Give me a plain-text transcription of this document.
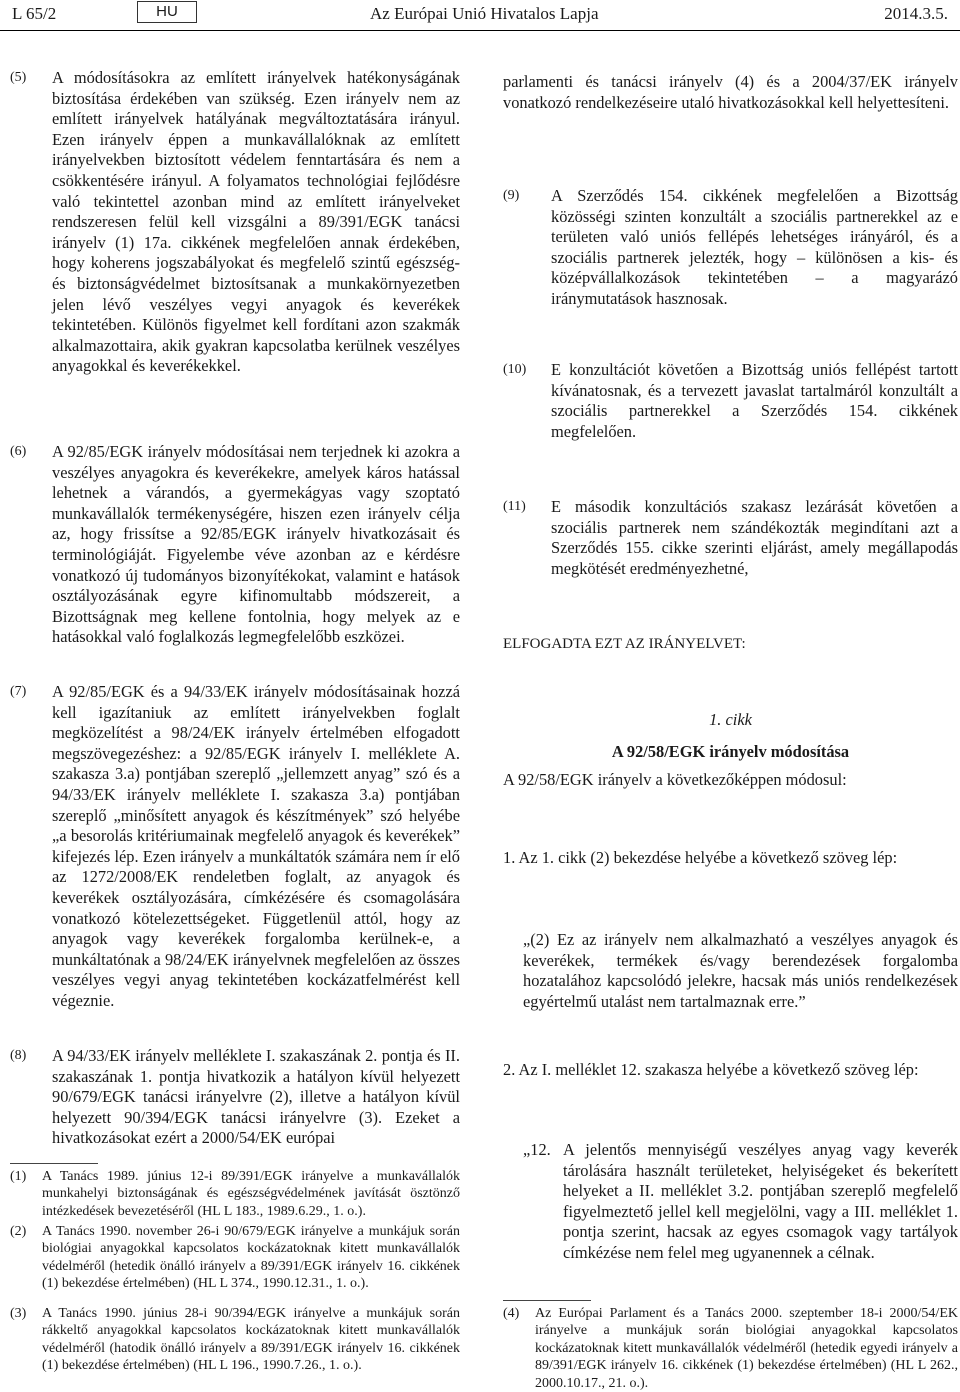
L 65/2	HU	Az Európai Unió Hivatalos Lapja	2014.3.5.
(5) A módosításokra az említett irányelvek hatékonyságának biztosítása érdekében van szükség. Ezen irányelv nem az említett irányelvek hatályának megváltoztatására irányul. Ezen irányelv éppen a munkavállalóknak az említett irányelvekben biztosított védelem fenntartására és nem a csökkentésére irányul. A folyamatos technológiai fejlődésre való tekintettel azonban mind az említett irányelveket rendszeresen felül kell vizsgálni a 89/391/EGK tanácsi irányelv (1) 17a. cikkének megfelelően annak érdekében, hogy koherens jogszabályokat és megfelelő szintű egészség- és biztonságvédelmet biztosítsanak a munkakörnyezetben jelen lévő veszélyes vegyi anyagok és keverékek tekintetében. Különös figyelmet kell fordítani azon szakmák alkalmazottaira, akik gyakran kapcsolatba kerülnek veszélyes anyagokkal és keverékekkel.
(6) A 92/85/EGK irányelv módosításai nem terjednek ki azokra a veszélyes anyagokra és keverékekre, amelyek káros hatással lehetnek a várandós, a gyermekágyas vagy szoptató munkavállalók termékenységére, hiszen ezen irányelv célja az, hogy frissítse a 92/85/EGK irányelv hivatkozásait és terminológiáját. Figyelembe véve azonban az e kérdésre vonatkozó új tudományos bizonyítékokat, valamint e hatások osztályozásának egyre kifinomultabb módszereit, a Bizottságnak meg kellene fontolnia, hogy melyek az e hatásokkal való foglalkozás legmegfelelőbb eszközei.
(7) A 92/85/EGK és a 94/33/EK irányelv módosításainak hozzá kell igazítaniuk az említett irányelvekben foglalt megközelítést a 98/24/EK irányelv értelmében elfogadott megszövegezéshez: a 92/85/EGK irányelv I. melléklete A. szakasza 3.a) pontjában szereplő „jellemzett anyag” szó és a 94/33/EK irányelv melléklete I. szakasza 3.a) pontjában szereplő „minősített anyagok és készítmények” szó helyébe „a besorolás kritériumainak megfelelő anyagok és keverékek” kifejezés lép. Ezen irányelv a munkáltatók számára nem ír elő az 1272/2008/EK rendeletben foglalt, az anyagok és keverékek osztályozására, címkézésére és csomagolására vonatkozó kötelezettségeket. Függetlenül attól, hogy az anyagok vagy keverékek forgalomba kerülnek-e, a munkáltatónak a 98/24/EK irányelvnek megfelelően az összes veszélyes vegyi anyag tekintetében kockázatfelmérést kell végeznie.
(8) A 94/33/EK irányelv melléklete I. szakaszának 2. pontja és II. szakaszának 1. pontja hivatkozik a hatályon kívül helyezett 90/679/EGK tanácsi irányelvre (2), illetve a hatályon kívül helyezett 90/394/EGK tanácsi irányelvre (3). Ezeket a hivatkozásokat ezért a 2000/54/EK európai
(1) A Tanács 1989. június 12-i 89/391/EGK irányelve a munkavállalók munkahelyi biztonságának és egészségvédelmének javítását ösztönző intézkedések bevezetéséről (HL L 183., 1989.6.29., 1. o.).
(2) A Tanács 1990. november 26-i 90/679/EGK irányelve a munkájuk során biológiai anyagokkal kapcsolatos kockázatoknak kitett munkavállalók védelméről (hetedik önálló irányelv a 89/391/EGK irányelv 16. cikkének (1) bekezdése értelmében) (HL L 374., 1990.12.31., 1. o.).
(3) A Tanács 1990. június 28-i 90/394/EGK irányelve a munkájuk során rákkeltő anyagokkal kapcsolatos kockázatoknak kitett munkavállalók védelméről (hatodik önálló irányelv a 89/391/EGK irányelv 16. cikkének (1) bekezdése értelmében) (HL L 196., 1990.7.26., 1. o.).
parlamenti és tanácsi irányelv (4) és a 2004/37/EK irányelv vonatkozó rendelkezéseire utaló hivatkozásokkal kell helyettesíteni.
(9) A Szerződés 154. cikkének megfelelően a Bizottság közösségi szinten konzultált a szociális partnerekkel az e területen való uniós fellépés lehetséges irányáról, és a szociális partnerek jelezték, hogy – különösen a kis- és középvállalkozások tekintetében – a magyarázó iránymutatások hasznosak.
(10) E konzultációt követően a Bizottság uniós fellépést tartott kívánatosnak, és a tervezett javaslat tartalmáról konzultált a szociális partnerekkel a Szerződés 154. cikkének megfelelően.
(11) E második konzultációs szakasz lezárását követően a szociális partnerek nem szándékozták megindítani azt a Szerződés 155. cikke szerinti eljárást, amely megállapodás megkötését eredményezhetné,
ELFOGADTA EZT AZ IRÁNYELVET:
1. cikk
A 92/58/EGK irányelv módosítása
A 92/58/EGK irányelv a következőképpen módosul:
1. Az 1. cikk (2) bekezdése helyébe a következő szöveg lép:
„(2) Ez az irányelv nem alkalmazható a veszélyes anyagok és keverékek, termékek és/vagy berendezések forgalomba hozatalához kapcsolódó jelekre, hacsak más uniós rendelkezések egyértelmű utalást nem tartalmaznak erre.”
2. Az I. melléklet 12. szakasza helyébe a következő szöveg lép:
„12. A jelentős mennyiségű veszélyes anyag vagy keverék tárolására használt területeket, helyiségeket és bekerített helyeket a II. melléklet 3.2. pontjában szereplő megfelelő figyelmeztető jellel kell megjelölni, vagy a III. melléklet 1. pontja szerint, hacsak az egyes csomagok vagy tartályok címkézése nem felel meg ugyanennek a célnak.
(4) Az Európai Parlament és a Tanács 2000. szeptember 18-i 2000/54/EK irányelve a munkájuk során biológiai anyagokkal kapcsolatos kockázatoknak kitett munkavállalók védelméről (hetedik egyedi irányelv a 89/391/EGK irányelv 16. cikkének (1) bekezdése értelmében) (HL L 262., 2000.10.17., 21. o.).
